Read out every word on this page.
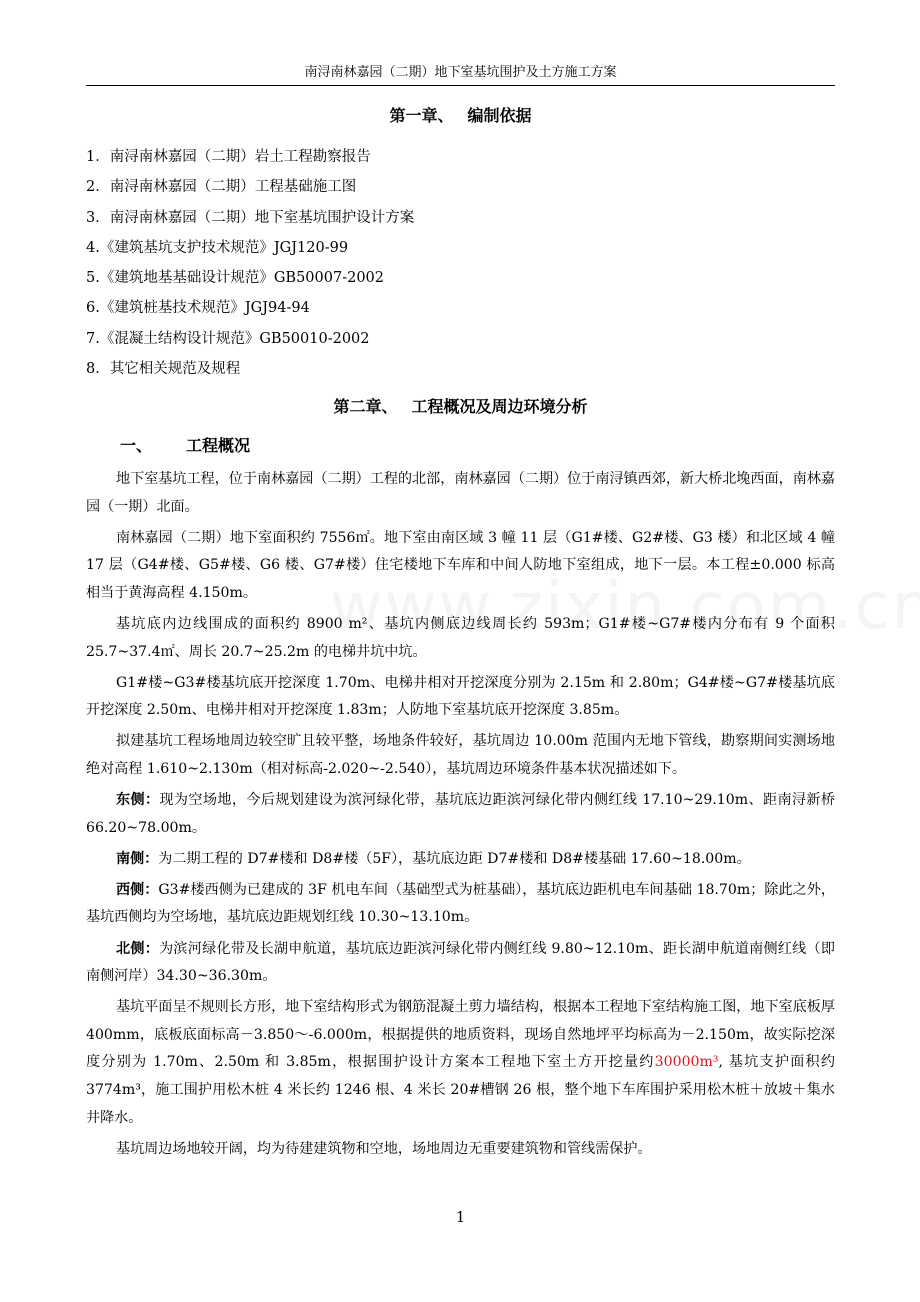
南浔南林嘉园（二期）地下室基坑围护及土方施工方案
第一章、 编制依据
1．南浔南林嘉园（二期）岩土工程勘察报告
2．南浔南林嘉园（二期）工程基础施工图
3．南浔南林嘉园（二期）地下室基坑围护设计方案
4.《建筑基坑支护技术规范》JGJ120-99
5.《建筑地基基础设计规范》GB50007-2002
6.《建筑桩基技术规范》JGJ94-94
7.《混凝土结构设计规范》GB50010-2002
8．其它相关规范及规程
第二章、 工程概况及周边环境分析
一、 工程概况

地下室基坑工程，位于南林嘉园（二期）工程的北部，南林嘉园（二期）位于南浔镇西郊，新大桥北堍西面，南林嘉园（一期）北面。

南林嘉园（二期）地下室面积约 7556㎡。地下室由南区域 3 幢 11 层（G1#楼、G2#楼、G3 楼）和北区域 4 幢 17 层（G4#楼、G5#楼、G6 楼、G7#楼）住宅楼地下车库和中间人防地下室组成，地下一层。本工程±0.000 标高相当于黄海高程 4.150m。

基坑底内边线围成的面积约 8900 m²、基坑内侧底边线周长约 593m；G1#楼~G7#楼内分布有 9 个面积 25.7~37.4㎡、周长 20.7~25.2m 的电梯井坑中坑。

G1#楼~G3#楼基坑底开挖深度 1.70m、电梯井相对开挖深度分别为 2.15m 和 2.80m；G4#楼~G7#楼基坑底开挖深度 2.50m、电梯井相对开挖深度 1.83m；人防地下室基坑底开挖深度 3.85m。

拟建基坑工程场地周边较空旷且较平整，场地条件较好，基坑周边 10.00m 范围内无地下管线，勘察期间实测场地绝对高程 1.610~2.130m（相对标高-2.020~-2.540），基坑周边环境条件基本状况描述如下。

东侧：现为空场地，今后规划建设为滨河绿化带，基坑底边距滨河绿化带内侧红线 17.10~29.10m、距南浔新桥 66.20~78.00m。

南侧：为二期工程的 D7#楼和 D8#楼（5F），基坑底边距 D7#楼和 D8#楼基础 17.60~18.00m。

西侧：G3#楼西侧为已建成的 3F 机电车间（基础型式为桩基础），基坑底边距机电车间基础 18.70m；除此之外，基坑西侧均为空场地，基坑底边距规划红线 10.30~13.10m。

北侧：为滨河绿化带及长湖申航道，基坑底边距滨河绿化带内侧红线 9.80~12.10m、距长湖申航道南侧红线（即南侧河岸）34.30~36.30m。

基坑平面呈不规则长方形，地下室结构形式为钢筋混凝土剪力墙结构，根据本工程地下室结构施工图，地下室底板厚 400mm，底板底面标高－3.850～-6.000m，根据提供的地质资料，现场自然地坪平均标高为－2.150m，故实际挖深度分别为 1.70m、2.50m 和 3.85m，根据围护设计方案本工程地下室土方开挖量约30000m³, 基坑支护面积约 3774m³，施工围护用松木桩 4 米长约 1246 根、4 米长 20#槽钢 26 根，整个地下车库围护采用松木桩＋放坡＋集水井降水。

基坑周边场地较开阔，均为待建建筑物和空地，场地周边无重要建筑物和管线需保护。

1
